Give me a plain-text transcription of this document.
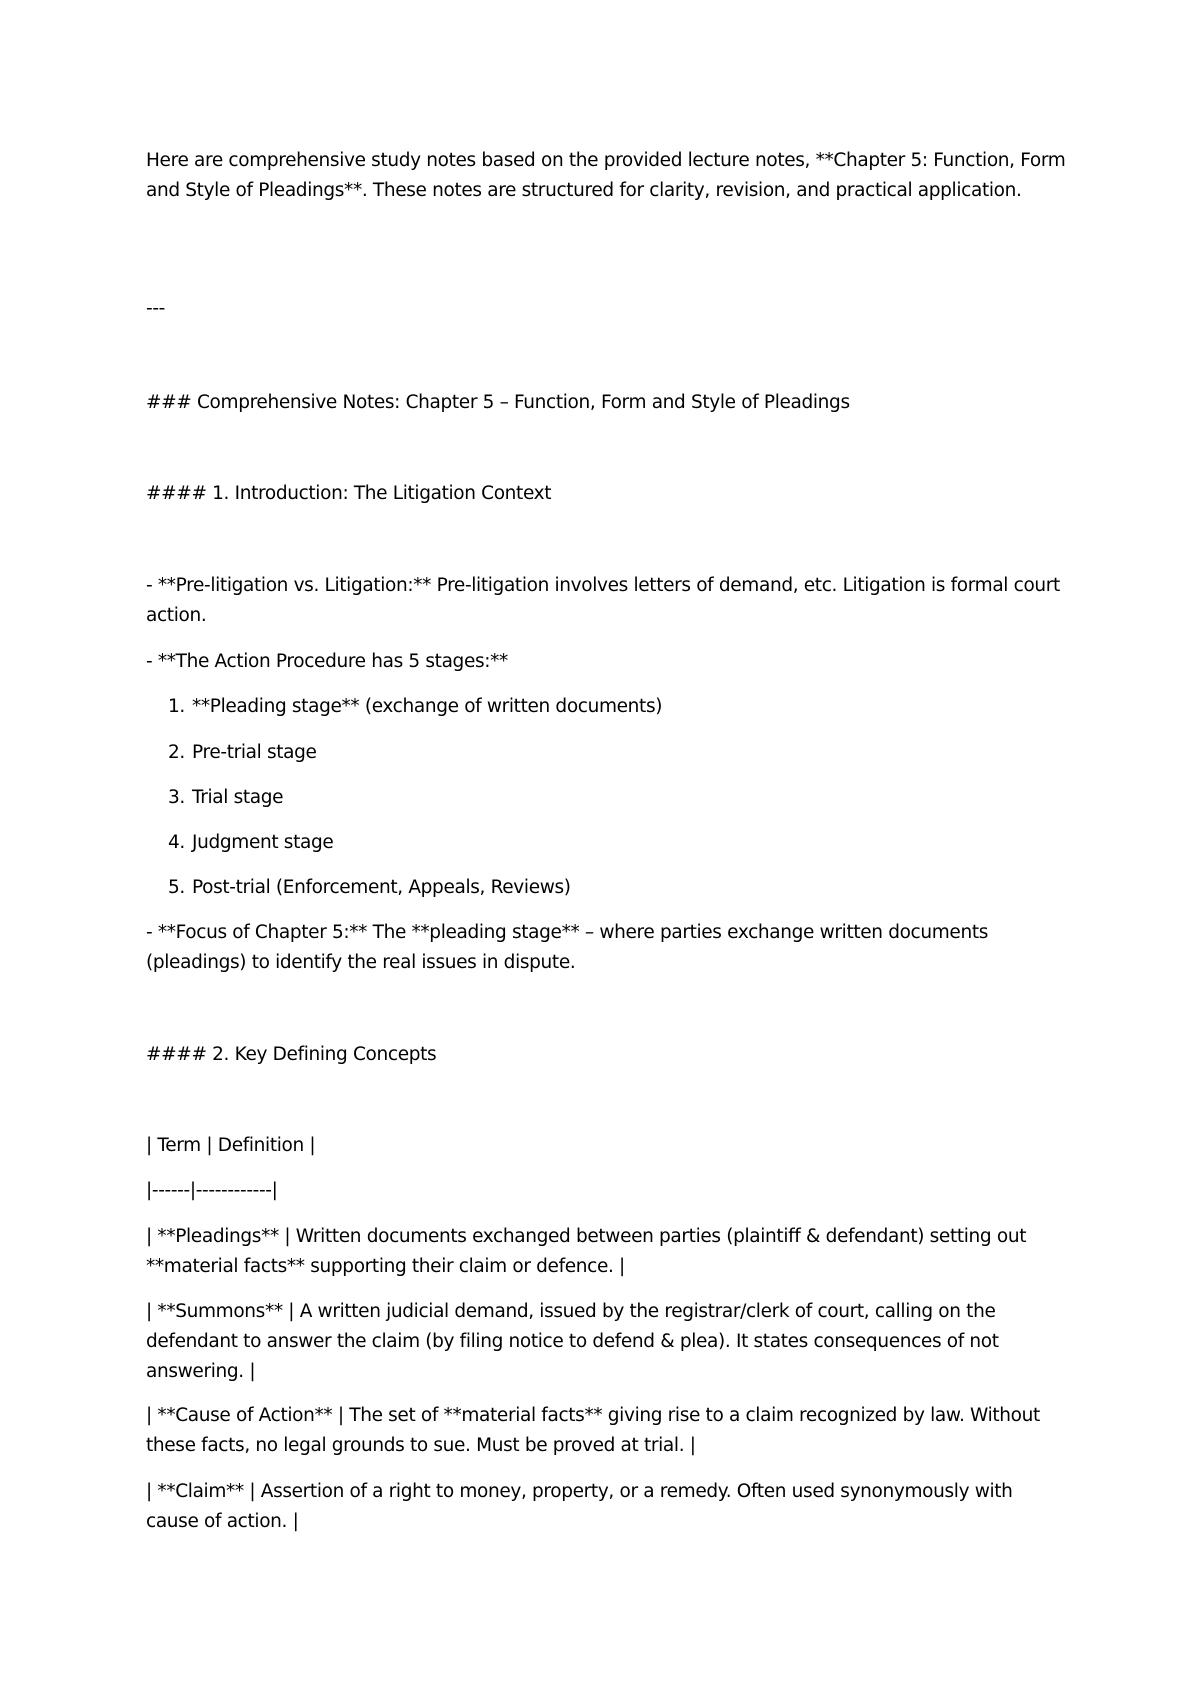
Here are comprehensive study notes based on the provided lecture notes, **Chapter 5: Function, Form and Style of Pleadings**. These notes are structured for clarity, revision, and practical application.

---

### Comprehensive Notes: Chapter 5 – Function, Form and Style of Pleadings

#### 1. Introduction: The Litigation Context

- **Pre-litigation vs. Litigation:** Pre-litigation involves letters of demand, etc. Litigation is formal court action.

- **The Action Procedure has 5 stages:**

1. **Pleading stage** (exchange of written documents)

2. Pre-trial stage

3. Trial stage

4. Judgment stage

5. Post-trial (Enforcement, Appeals, Reviews)

- **Focus of Chapter 5:** The **pleading stage** – where parties exchange written documents (pleadings) to identify the real issues in dispute.

#### 2. Key Defining Concepts

| Term | Definition |

|------|------------|

| **Pleadings** | Written documents exchanged between parties (plaintiff & defendant) setting out **material facts** supporting their claim or defence. |

| **Summons** | A written judicial demand, issued by the registrar/clerk of court, calling on the defendant to answer the claim (by filing notice to defend & plea). It states consequences of not answering. |

| **Cause of Action** | The set of **material facts** giving rise to a claim recognized by law. Without these facts, no legal grounds to sue. Must be proved at trial. |

| **Claim** | Assertion of a right to money, property, or a remedy. Often used synonymously with cause of action. |
